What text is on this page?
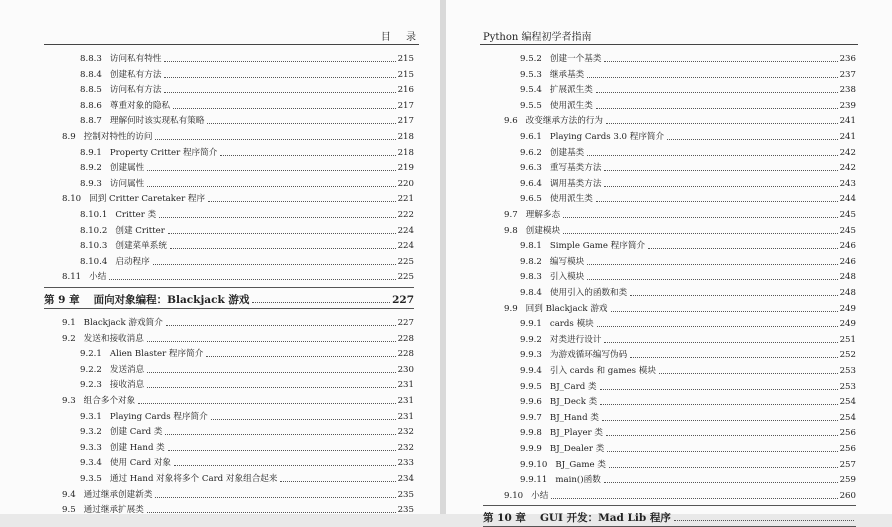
目 录
8.8.3 访问私有特性	215
8.8.4 创建私有方法	215
8.8.5 访问私有方法	216
8.8.6 尊重对象的隐私	217
8.8.7 理解何时该实现私有策略	217
8.9 控制对特性的访问	218
8.9.1 Property Critter 程序简介	218
8.9.2 创建属性	219
8.9.3 访问属性	220
8.10 回到 Critter Caretaker 程序	221
8.10.1 Critter 类	222
8.10.2 创建 Critter	224
8.10.3 创建菜单系统	224
8.10.4 启动程序	225
8.11 小结	225
第 9 章 面向对象编程：Blackjack 游戏	227
9.1 Blackjack 游戏简介	227
9.2 发送和接收消息	228
9.2.1 Alien Blaster 程序简介	228
9.2.2 发送消息	230
9.2.3 接收消息	231
9.3 组合多个对象	231
9.3.1 Playing Cards 程序简介	231
9.3.2 创建 Card 类	232
9.3.3 创建 Hand 类	232
9.3.4 使用 Card 对象	233
9.3.5 通过 Hand 对象将多个 Card 对象组合起来	234
9.4 通过继承创建新类	235
9.5 通过继承扩展类	235
Python 编程初学者指南
9.5.2 创建一个基类	236
9.5.3 继承基类	237
9.5.4 扩展派生类	238
9.5.5 使用派生类	239
9.6 改变继承方法的行为	241
9.6.1 Playing Cards 3.0 程序简介	241
9.6.2 创建基类	242
9.6.3 重写基类方法	242
9.6.4 调用基类方法	243
9.6.5 使用派生类	244
9.7 理解多态	245
9.8 创建模块	245
9.8.1 Simple Game 程序简介	246
9.8.2 编写模块	246
9.8.3 引入模块	248
9.8.4 使用引入的函数和类	248
9.9 回到 Blackjack 游戏	249
9.9.1 cards 模块	249
9.9.2 对类进行设计	251
9.9.3 为游戏循环编写伪码	252
9.9.4 引入 cards 和 games 模块	253
9.9.5 BJ_Card 类	253
9.9.6 BJ_Deck 类	254
9.9.7 BJ_Hand 类	254
9.9.8 BJ_Player 类	256
9.9.9 BJ_Dealer 类	256
9.9.10 BJ_Game 类	257
9.9.11 main()函数	259
9.10 小结	260
第 10 章 GUI 开发：Mad Lib 程序
